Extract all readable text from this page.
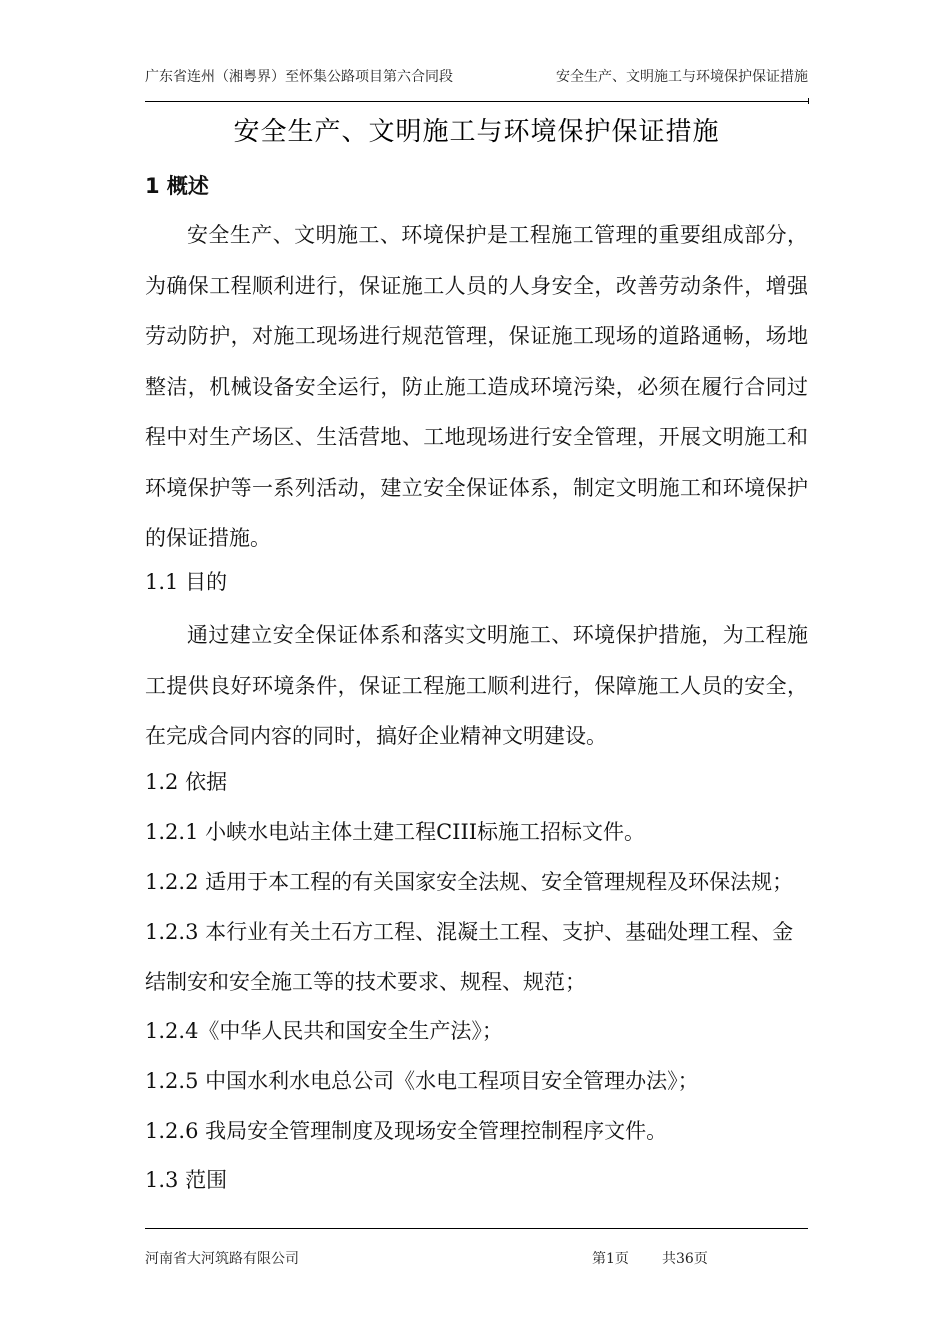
广东省连州（湘粤界）至怀集公路项目第六合同段	安全生产、文明施工与环境保护保证措施
安全生产、文明施工与环境保护保证措施
1 概述

安全生产、文明施工、环境保护是工程施工管理的重要组成部分，为确保工程顺利进行，保证施工人员的人身安全，改善劳动条件，增强劳动防护，对施工现场进行规范管理，保证施工现场的道路通畅，场地整洁，机械设备安全运行，防止施工造成环境污染，必须在履行合同过程中对生产场区、生活营地、工地现场进行安全管理，开展文明施工和环境保护等一系列活动，建立安全保证体系，制定文明施工和环境保护的保证措施。

1.1 目的

通过建立安全保证体系和落实文明施工、环境保护措施，为工程施工提供良好环境条件，保证工程施工顺利进行，保障施工人员的安全，在完成合同内容的同时，搞好企业精神文明建设。

1.2 依据
1.2.1 小峡水电站主体土建工程CIII标施工招标文件。
1.2.2 适用于本工程的有关国家安全法规、安全管理规程及环保法规；

1.2.3 本行业有关土石方工程、混凝土工程、支护、基础处理工程、金结制安和安全施工等的技术要求、规程、规范；

1.2.4《中华人民共和国安全生产法》；
1.2.5 中国水利水电总公司《水电工程项目安全管理办法》；
1.2.6 我局安全管理制度及现场安全管理控制程序文件。
1.3 范围
河南省大河筑路有限公司	第1页 共36页
